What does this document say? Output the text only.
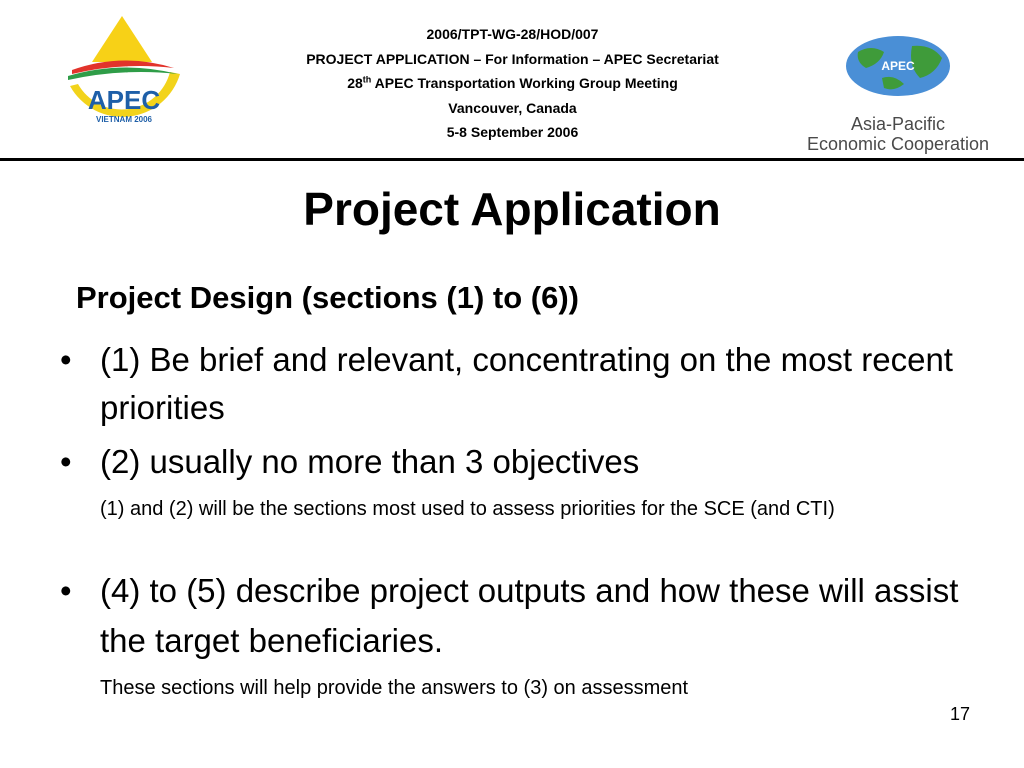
APEC
VIETNAM 2006
2006/TPT-WG-28/HOD/007
PROJECT APPLICATION – For Information – APEC Secretariat
28th APEC Transportation Working Group Meeting
Vancouver, Canada
5-8 September 2006
APEC
Asia-Pacific
Economic Cooperation
Project Application
Project Design (sections (1) to (6))
• (1) Be brief and relevant, concentrating on the most recent priorities
• (2) usually no more than 3 objectives
(1) and (2) will be the sections most used to assess priorities for the SCE (and CTI)
• (4) to (5) describe project outputs and how these will assist the target beneficiaries.
These sections will help provide the answers to (3) on assessment
17
